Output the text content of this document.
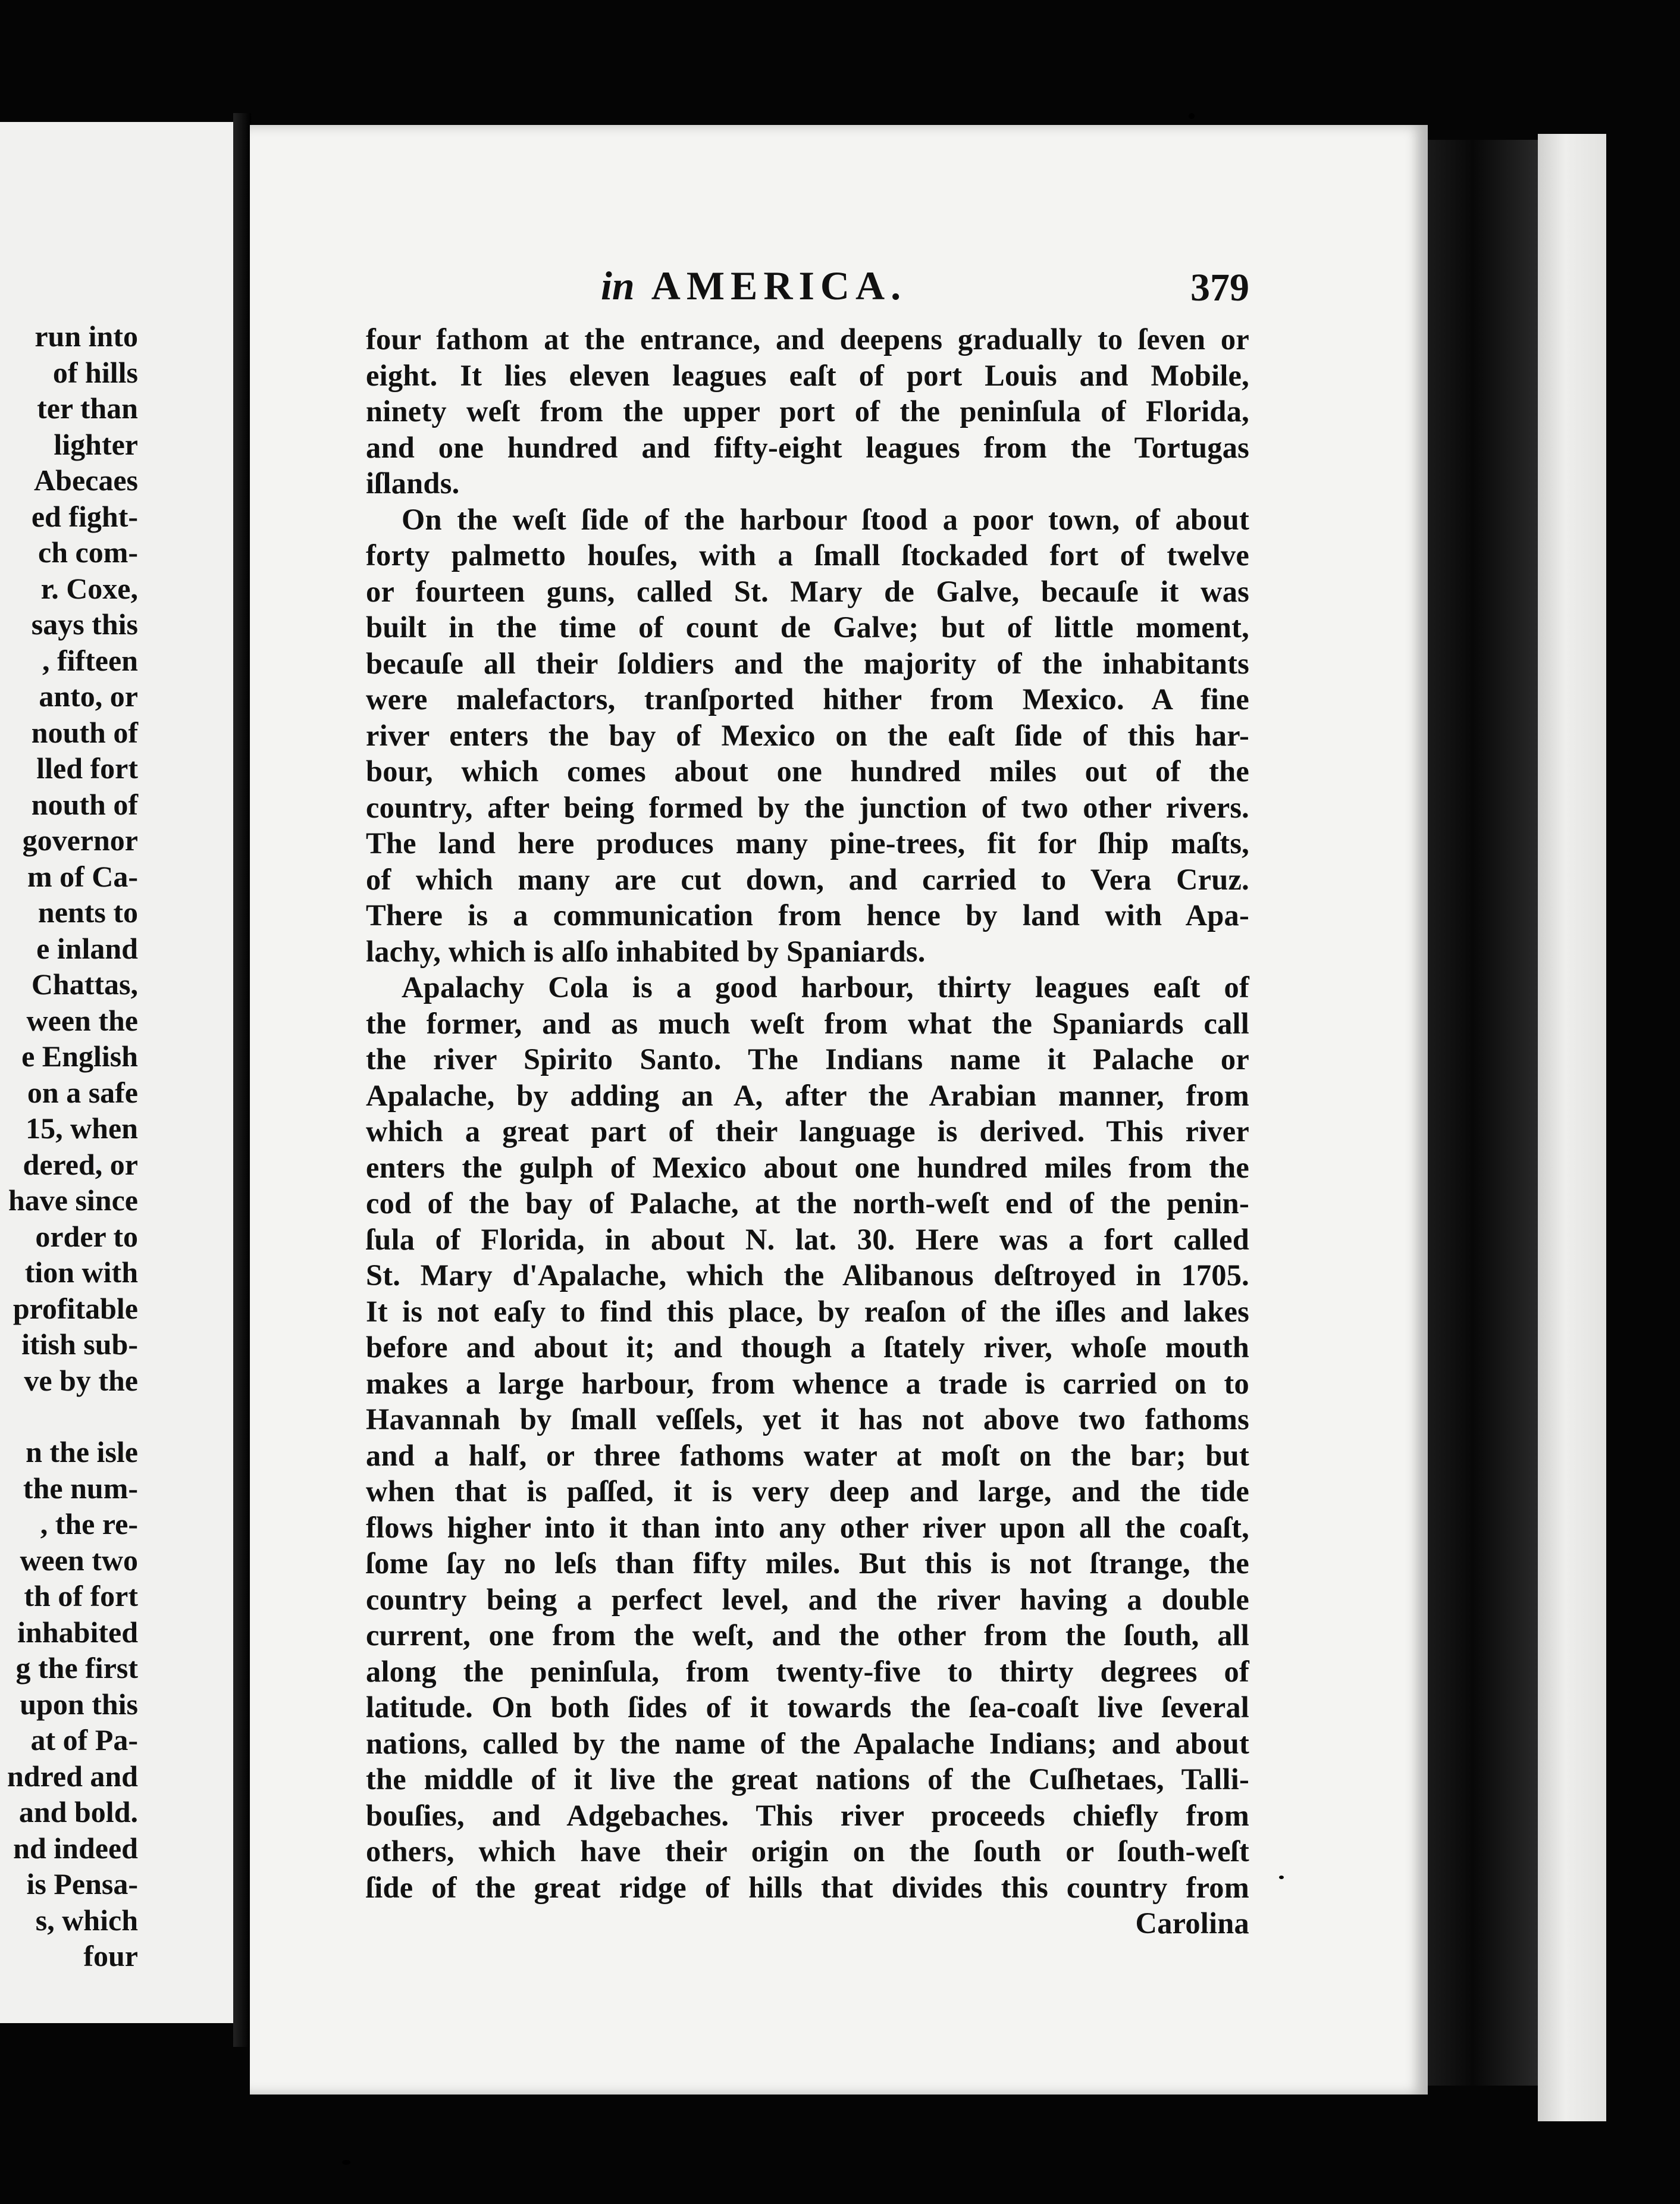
run into
of hills
ter than
lighter
Abecaes
ed fight-
ch com-
r. Coxe,
says this
, fifteen
anto, or
nouth of
lled fort
nouth of
governor
m of Ca-
nents to
e inland
Chattas,
ween the
e English
on a safe
15, when
dered, or
have since
order to
tion with
profitable
itish sub-
ve by the
n the isle
the num-
, the re-
ween two
th of fort
inhabited
g the first
upon this
at of Pa-
ndred and
and bold.
nd indeed
is Pensa-
s, which
four
in AMERICA.	379
four fathom at the entrance, and deepens gradually to ſeven or
eight. It lies eleven leagues eaſt of port Louis and Mobile,
ninety weſt from the upper port of the peninſula of Florida,
and one hundred and fifty-eight leagues from the Tortugas
iſlands.
On the weſt ſide of the harbour ſtood a poor town, of about
forty palmetto houſes, with a ſmall ſtockaded fort of twelve
or fourteen guns, called St. Mary de Galve, becauſe it was
built in the time of count de Galve; but of little moment,
becauſe all their ſoldiers and the majority of the inhabitants
were malefactors, tranſported hither from Mexico. A fine
river enters the bay of Mexico on the eaſt ſide of this har-
bour, which comes about one hundred miles out of the
country, after being formed by the junction of two other rivers.
The land here produces many pine-trees, fit for ſhip maſts,
of which many are cut down, and carried to Vera Cruz.
There is a communication from hence by land with Apa-
lachy, which is alſo inhabited by Spaniards.
Apalachy Cola is a good harbour, thirty leagues eaſt of
the former, and as much weſt from what the Spaniards call
the river Spirito Santo. The Indians name it Palache or
Apalache, by adding an A, after the Arabian manner, from
which a great part of their language is derived. This river
enters the gulph of Mexico about one hundred miles from the
cod of the bay of Palache, at the north-weſt end of the penin-
ſula of Florida, in about N. lat. 30. Here was a fort called
St. Mary d'Apalache, which the Alibanous deſtroyed in 1705.
It is not eaſy to find this place, by reaſon of the iſles and lakes
before and about it; and though a ſtately river, whoſe mouth
makes a large harbour, from whence a trade is carried on to
Havannah by ſmall veſſels, yet it has not above two fathoms
and a half, or three fathoms water at moſt on the bar; but
when that is paſſed, it is very deep and large, and the tide
flows higher into it than into any other river upon all the coaſt,
ſome ſay no leſs than fifty miles. But this is not ſtrange, the
country being a perfect level, and the river having a double
current, one from the weſt, and the other from the ſouth, all
along the peninſula, from twenty-five to thirty degrees of
latitude. On both ſides of it towards the ſea-coaſt live ſeveral
nations, called by the name of the Apalache Indians; and about
the middle of it live the great nations of the Cuſhetaes, Talli-
bouſies, and Adgebaches. This river proceeds chiefly from
others, which have their origin on the ſouth or ſouth-weſt
ſide of the great ridge of hills that divides this country from
Carolina
